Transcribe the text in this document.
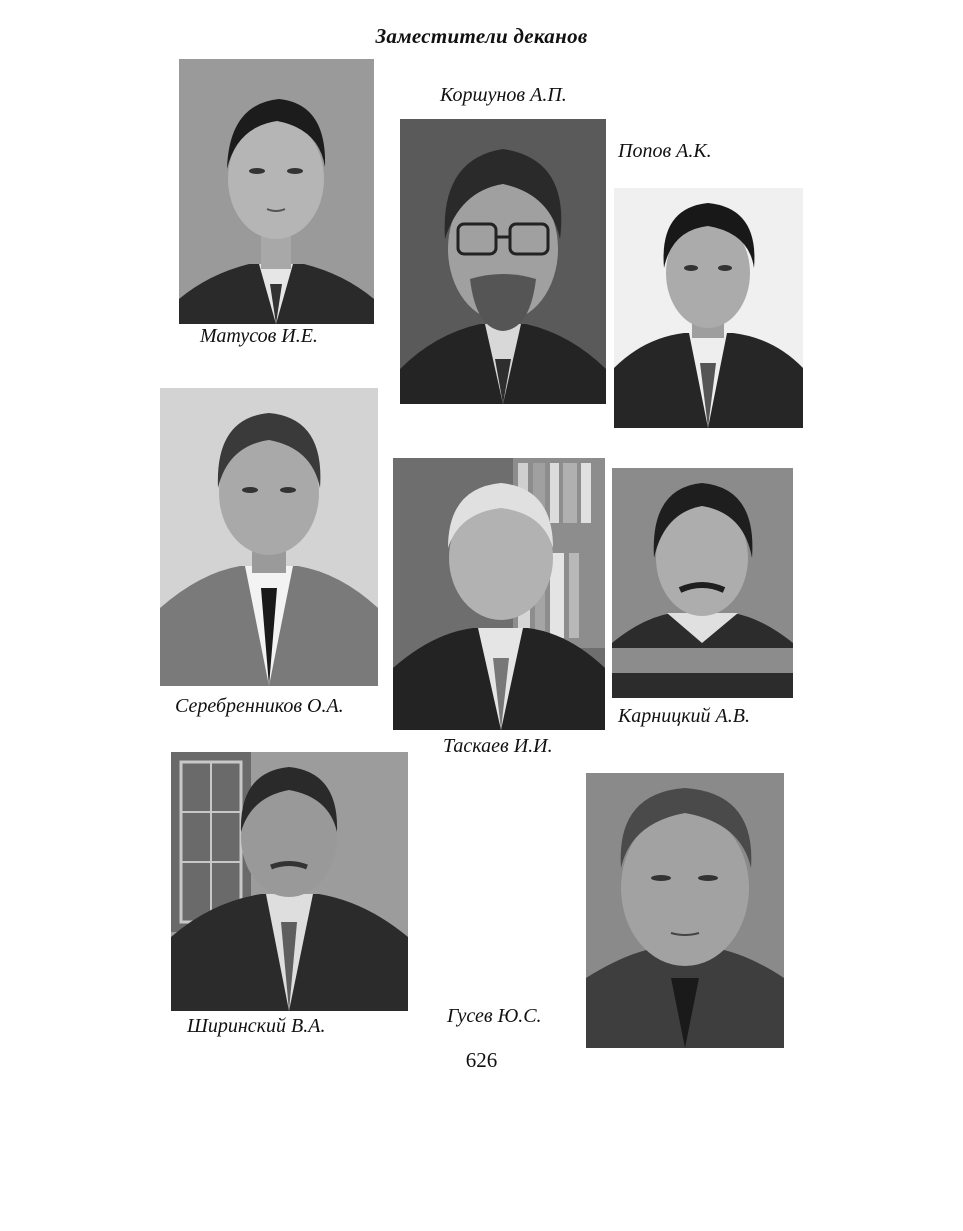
Заместители деканов
Матусов И.Е.
Коршунов А.П.
Попов А.К.
Серебренников О.А.
Таскаев И.И.
Карницкий А.В.
Ширинский В.А.	Гусев Ю.С.
626
